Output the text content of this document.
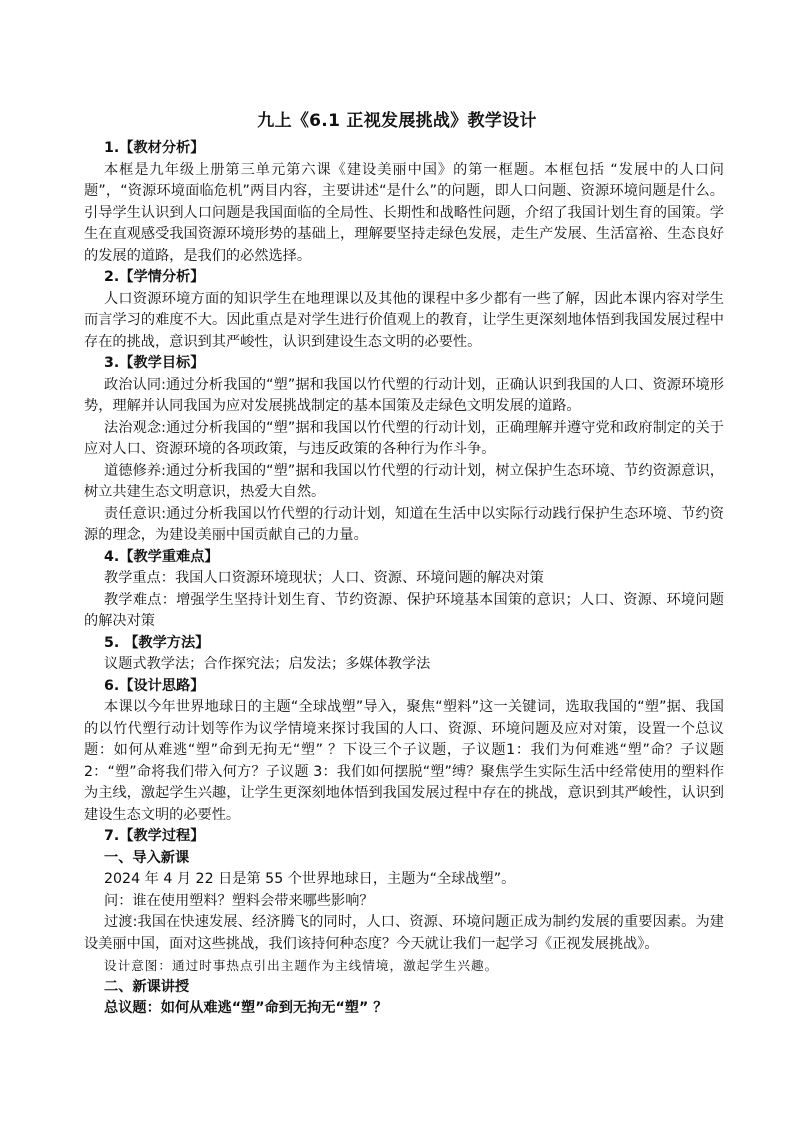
九上《6.1 正视发展挑战》教学设计

1.【教材分析】

本框是九年级上册第三单元第六课《建设美丽中国》的第一框题。本框包括 “发展中的人口问题”，“资源环境面临危机”两目内容，主要讲述“是什么”的问题，即人口问题、资源环境问题是什么。引导学生认识到人口问题是我国面临的全局性、长期性和战略性问题，介绍了我国计划生育的国策。学生在直观感受我国资源环境形势的基础上，理解要坚持走绿色发展，走生产发展、生活富裕、生态良好的发展的道路，是我们的必然选择。

2.【学情分析】

人口资源环境方面的知识学生在地理课以及其他的课程中多少都有一些了解，因此本课内容对学生而言学习的难度不大。因此重点是对学生进行价值观上的教育，让学生更深刻地体悟到我国发展过程中存在的挑战，意识到其严峻性，认识到建设生态文明的必要性。

3.【教学目标】

政治认同:通过分析我国的“塑”据和我国以竹代塑的行动计划，正确认识到我国的人口、资源环境形势，理解并认同我国为应对发展挑战制定的基本国策及走绿色文明发展的道路。

法治观念:通过分析我国的“塑”据和我国以竹代塑的行动计划，正确理解并遵守党和政府制定的关于应对人口、资源环境的各项政策，与违反政策的各种行为作斗争。

道德修养:通过分析我国的“塑”据和我国以竹代塑的行动计划，树立保护生态环境、节约资源意识，树立共建生态文明意识，热爱大自然。

责任意识:通过分析我国以竹代塑的行动计划，知道在生活中以实际行动践行保护生态环境、节约资源的理念，为建设美丽中国贡献自己的力量。

4.【教学重难点】

教学重点：我国人口资源环境现状；人口、资源、环境问题的解决对策

教学难点：增强学生坚持计划生育、节约资源、保护环境基本国策的意识；人口、资源、环境问题的解决对策

5. 【教学方法】

议题式教学法；合作探究法；启发法；多媒体教学法

6.【设计思路】

本课以今年世界地球日的主题“全球战塑”导入，聚焦“塑料”这一关键词，选取我国的“塑”据、我国的以竹代塑行动计划等作为议学情境来探讨我国的人口、资源、环境问题及应对对策，设置一个总议题：如何从难逃“塑”命到无拘无“塑” ？下设三个子议题，子议题1：我们为何难逃“塑”命？子议题 2：“塑”命将我们带入何方？子议题 3：我们如何摆脱“塑”缚？聚焦学生实际生活中经常使用的塑料作为主线，激起学生兴趣，让学生更深刻地体悟到我国发展过程中存在的挑战，意识到其严峻性，认识到建设生态文明的必要性。

7.【教学过程】

一、导入新课

2024 年 4 月 22 日是第 55 个世界地球日，主题为“全球战塑”。

问：谁在使用塑料？塑料会带来哪些影响？

过渡:我国在快速发展、经济腾飞的同时，人口、资源、环境问题正成为制约发展的重要因素。为建设美丽中国，面对这些挑战，我们该持何种态度？今天就让我们一起学习《正视发展挑战》。

设计意图：通过时事热点引出主题作为主线情境，激起学生兴趣。

二、新课讲授

总议题：如何从难逃“塑”命到无拘无“塑” ？
